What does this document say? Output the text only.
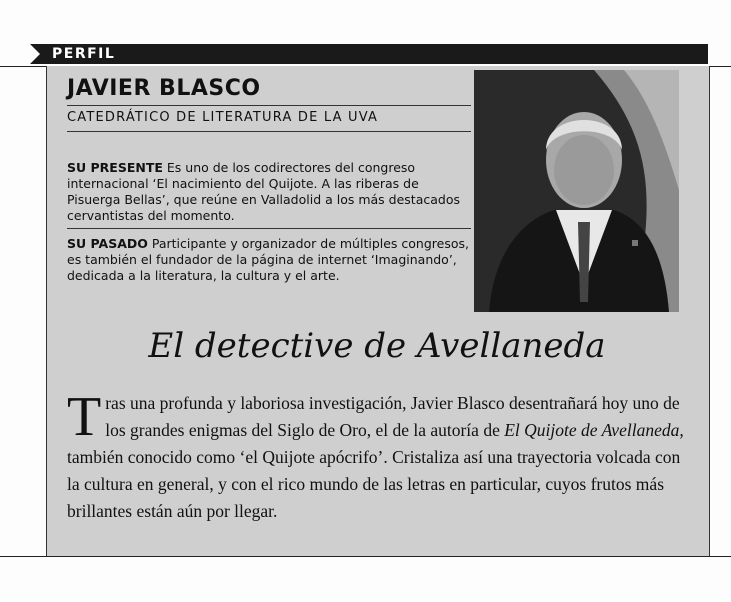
PERFIL
JAVIER BLASCO
CATEDRÁTICO DE LITERATURA DE LA UVA
SU PRESENTE Es uno de los codirectores del congreso internacional ‘El nacimiento del Quijote. A las riberas de Pisuerga Bellas’, que reúne en Valladolid a los más destacados cervantistas del momento.
SU PASADO Participante y organizador de múltiples congresos, es también el fundador de la página de internet ‘Imaginando’, dedicada a la literatura, la cultura y el arte.
El detective de Avellaneda
Tras una profunda y laboriosa investigación, Javier Blasco desentrañará hoy uno de los grandes enigmas del Siglo de Oro, el de la autoría de El Quijote de Avellaneda, también conocido como ‘el Quijote apócrifo’. Cristaliza así una trayectoria volcada con la cultura en general, y con el rico mundo de las letras en particular, cuyos frutos más brillantes están aún por llegar.
